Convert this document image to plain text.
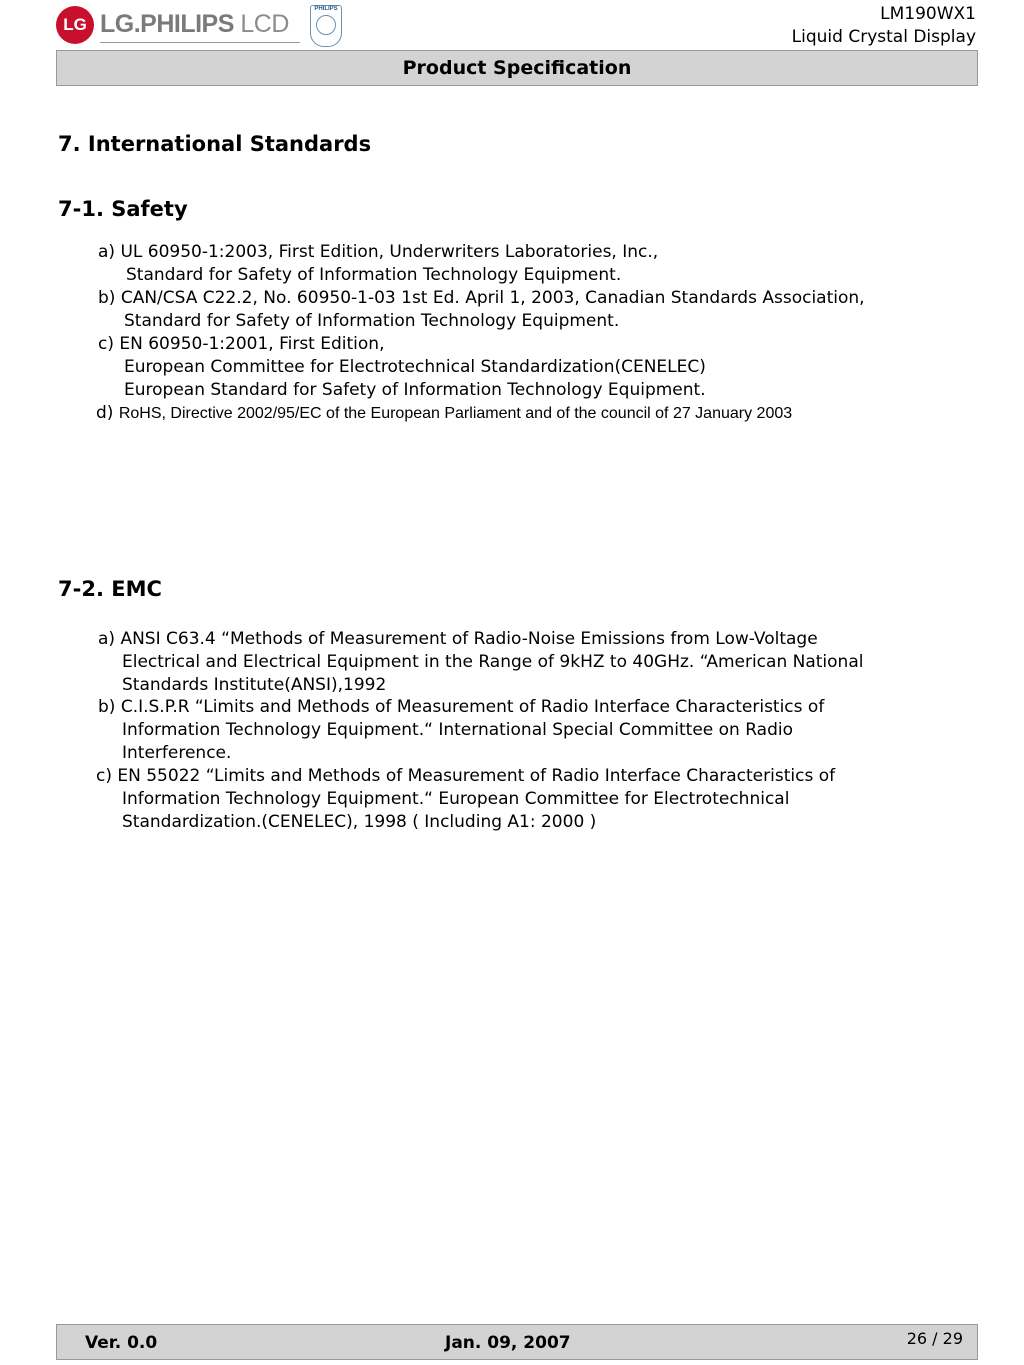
LG LG.PHILIPS LCD
PHILIPS	LM190WX1
Liquid Crystal Display
Product Specification
7. International Standards
7-1. Safety
a) UL 60950-1:2003, First Edition, Underwriters Laboratories, Inc.,
Standard for Safety of Information Technology Equipment.
b) CAN/CSA C22.2, No. 60950-1-03 1st Ed. April 1, 2003, Canadian Standards Association,
Standard for Safety of Information Technology Equipment.
c) EN 60950-1:2001, First Edition,
European Committee for Electrotechnical Standardization(CENELEC)
European Standard for Safety of Information Technology Equipment.
d) RoHS, Directive 2002/95/EC of the European Parliament and of the council of 27 January 2003
7-2. EMC
a) ANSI C63.4 “Methods of Measurement of Radio-Noise Emissions from Low-Voltage
Electrical and Electrical Equipment in the Range of 9kHZ to 40GHz. “American National
Standards Institute(ANSI),1992
b) C.I.S.P.R “Limits and Methods of Measurement of Radio Interface Characteristics of
Information Technology Equipment.“ International Special Committee on Radio
Interference.
c) EN 55022 “Limits and Methods of Measurement of Radio Interface Characteristics of
Information Technology Equipment.“ European Committee for Electrotechnical
Standardization.(CENELEC), 1998 ( Including A1: 2000 )
Ver. 0.0	Jan. 09, 2007	26 / 29
